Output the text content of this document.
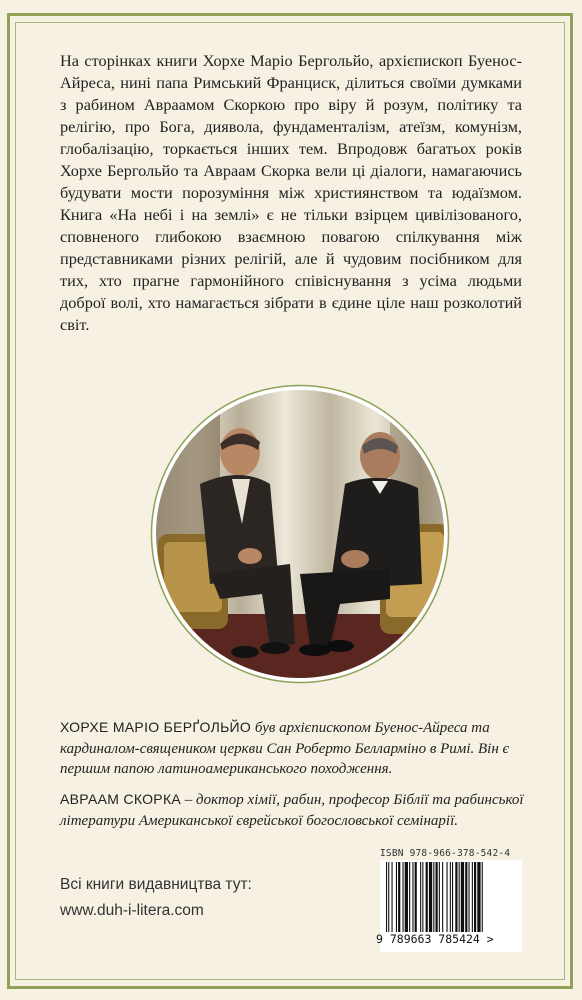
На сторінках книги Хорхе Маріо Бергольйо, архієпископ Буенос-Айреса, нині папа Римський Франциск, ділиться своїми думками з рабином Авраамом Скоркою про віру й розум, політику та релігію, про Бога, диявола, фундаменталізм, атеїзм, комунізм, глобалізацію, торкається інших тем. Впродовж багатьох років Хорхе Бергольйо та Авраам Скорка вели ці діалоги, намагаючись будувати мости порозуміння між християнством та юдаїзмом. Книга «На небі і на землі» є не тільки взірцем цивілізованого, сповненого глибокою взаємною повагою спілкування між представниками різних релігій, але й чудовим посібником для тих, хто прагне гармонійного співіснування з усіма людьми доброї волі, хто намагається зібрати в єдине ціле наш розколотий світ.
ХОРХЕ МАРІО БЕРҐОЛЬЙО був архієпископом Буенос-Айреса та кардиналом-священиком церкви Сан Роберто Белларміно в Римі. Він є першим папою латиноамериканського походження.
АВРААМ СКОРКА – доктор хімії, рабин, професор Біблії та рабинської літератури Американської єврейської богословської семінарії.
Всі книги видавництва тут:
www.duh-i-litera.com
ISBN 978-966-378-542-4
9 789663 785424 >
